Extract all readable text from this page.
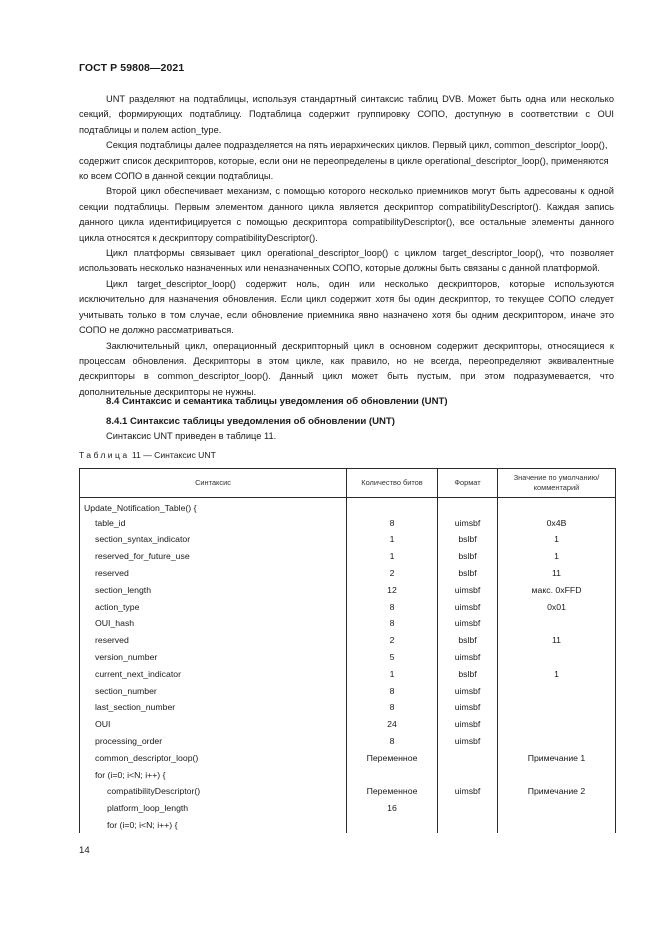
ГОСТ Р 59808—2021

UNT разделяют на подтаблицы, используя стандартный синтаксис таблиц DVB. Может быть одна или несколько секций, формирующих подтаблицу. Подтаблица содержит группировку СОПО, доступную в соответствии с OUI подтаблицы и полем action_type.

Секция подтаблицы далее подразделяется на пять иерархических циклов. Первый цикл, common_descriptor_loop(), содержит список дескрипторов, которые, если они не переопределены в цикле operational_descriptor_loop(), применяются ко всем СОПО в данной секции подтаблицы.

Второй цикл обеспечивает механизм, с помощью которого несколько приемников могут быть адресованы к одной секции подтаблицы. Первым элементом данного цикла является дескриптор compatibilityDescriptor(). Каждая запись данного цикла идентифицируется с помощью дескриптора compatibilityDescriptor(), все остальные элементы данного цикла относятся к дескриптору compatibilityDescriptor().

Цикл платформы связывает цикл operational_descriptor_loop() с циклом target_descriptor_loop(), что позволяет использовать несколько назначенных или неназначенных СОПО, которые должны быть связаны с данной платформой.

Цикл target_descriptor_loop() содержит ноль, один или несколько дескрипторов, которые используются исключительно для назначения обновления. Если цикл содержит хотя бы один дескриптор, то текущее СОПО следует учитывать только в том случае, если обновление приемника явно назначено хотя бы одним дескриптором, иначе это СОПО не должно рассматриваться.

Заключительный цикл, операционный дескрипторный цикл в основном содержит дескрипторы, относящиеся к процессам обновления. Дескрипторы в этом цикле, как правило, но не всегда, переопределяют эквивалентные дескрипторы в common_descriptor_loop(). Данный цикл может быть пустым, при этом подразумевается, что дополнительные дескрипторы не нужны.

8.4 Синтаксис и семантика таблицы уведомления об обновлении (UNT)
8.4.1 Синтаксис таблицы уведомления об обновлении (UNT)
Синтаксис UNT приведен в таблице 11.
Таблица 11 — Синтаксис UNT
Синтаксис	Количество битов	Формат	Значение по умолчанию/ комментарий
Update_Notification_Table() {			
table_id	8	uimsbf	0x4B
section_syntax_indicator	1	bslbf	1
reserved_for_future_use	1	bslbf	1
reserved	2	bslbf	11
section_length	12	uimsbf	макс. 0xFFD
action_type	8	uimsbf	0x01
OUI_hash	8	uimsbf	
reserved	2	bslbf	11
version_number	5	uimsbf	
current_next_indicator	1	bslbf	1
section_number	8	uimsbf	
last_section_number	8	uimsbf	
OUI	24	uimsbf	
processing_order	8	uimsbf	
common_descriptor_loop()	Переменное		Примечание 1
for (i=0; i<N; i++) {			
compatibilityDescriptor()	Переменное	uimsbf	Примечание 2
platform_loop_length	16		
for (i=0; i<N; i++) {			
14
